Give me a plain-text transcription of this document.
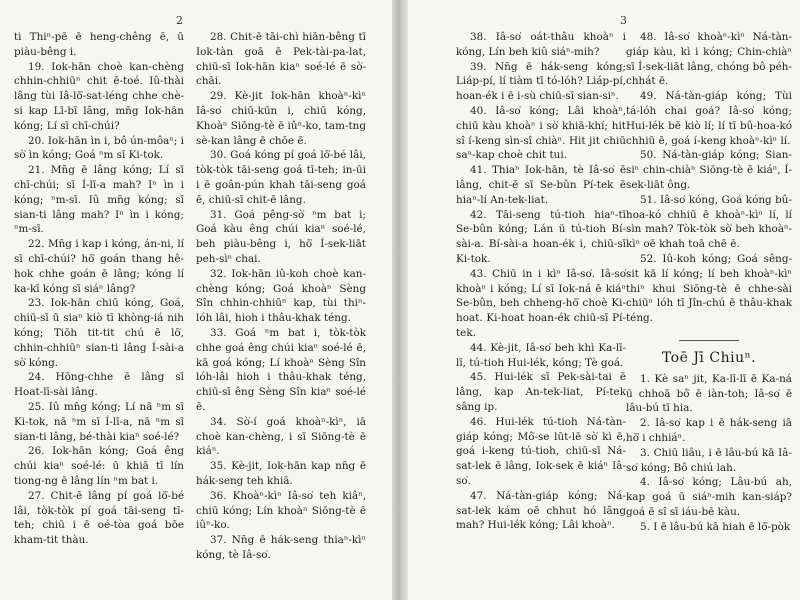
2

ti Thiⁿ-pē ē heng-chêng ē, ū piàu-bêng i.

19. Iok-hān choè kan-chèng chhin-chhiūⁿ chit ē-toé. Iû-thài lâng tùi Iâ-lō͘-sat-léng chhe chè-si kap Lī-bī lâng, mn̄g Iok-hān kóng; Lí sī chī-chúi?

20. Iok-hān ìn i, bô ún-môaⁿ; i sò͘ ìn kóng; Goá ⁿm sī Ki-tok.

21. Mn̄g ē lâng kóng; Lí sī chī-chúi; sī Í-lī-a mah? Iⁿ ìn i kóng; ⁿm-sī. Iû mn̄g kóng; sī sian-ti lâng mah? Iⁿ ìn i kóng; ⁿm-sī.

22. Mn̄g i kap i kóng, án-ni, lí sī chī-chúi? hō͘ goán thang hê-hok chhe goán ē lâng; kóng lí ka-kī kóng sī siáⁿ lâng?

23. Iok-hān chiū kóng, Goá, chiū-sī ū siaⁿ kiò tī khòng-iá nih kóng; Tiōh tit-tit chú ē lō͘, chhin-chhiūⁿ sian-ti lâng Í-sài-a sò͘ kóng.

24. Hōng-chhe ē lâng sī Hoat-lī-sài lâng.

25. Iû mn̄g kóng; Lí nā ⁿm sī Ki-tok, nā ⁿm sī Í-lī-a, nā ⁿm sī sian-ti lâng, bé-thài kiaⁿ soé-lé?

26. Iok-hān kóng; Goá êng chúi kiaⁿ soé-lé: ū khiā tī lín tiong-ng ē lâng lín ⁿm bat i.

27. Chit-ē lâng pí goá lō͘-bé lâi, tòk-tòk pí goá tāi-seng tī-teh; chiū i ē oé-tòa goá bōe kham-tit thàu.

28. Chit-ē tāi-chì hiān-bêng tī Iok-tàn goā ē Pek-tài-pa-lat, chiū-sī Iok-hān kiaⁿ soé-lé ē sò͘-chāi.

29. Kè-jit Iok-hān khoàⁿ-kìⁿ Iâ-so͘ chiū-kūn i, chiū kóng, Khoàⁿ Siōng-tè ē iûⁿ-ko, tam-tng sè-kan lâng ē chōe ē.

30. Goá kóng pí goá lō͘-bé lâi, tòk-tòk tāi-seng goá tī-teh; in-ūi i ē goân-pún khah tāi-seng goá ē, chiū-sī chit-ē lâng.

31. Goá pêng-sò͘ ⁿm bat i; Goá kàu êng chúi kiaⁿ soé-lé, beh piàu-bêng i, hō͘ Í-sek-liāt peh-sìⁿ chai.

32. Iok-hān iû-koh choè kan-chèng kóng; Goá khoàⁿ Sèng Sîn chhin-chhiūⁿ kap, tùi thiⁿ-lóh lâi, hioh i thâu-khak téng.

33. Goá ⁿm bat i, tòk-tòk chhe goá êng chúi kiaⁿ soé-lé ē, kā goá kóng; Lí khoàⁿ Sèng Sîn lóh-lâi hioh i thâu-khak téng, chiū-sī êng Sèng Sîn kiaⁿ soé-lé ē.

34. Sò͘-í goá khoàⁿ-kìⁿ, iā choè kan-chèng, i sī Siōng-tè ē kiáⁿ.

35. Kè-jit, Iok-hān kap nn̄g ē hák-seng teh khiā.

36. Khoàⁿ-kìⁿ Iâ-so͘ teh kiâⁿ, chiū kóng; Lín khoàⁿ Siōng-tè ē iûⁿ-ko.

37. Nn̄g ē hák-seng thiaⁿ-kìⁿ kóng, tè Iâ-so͘.

3

38. Iâ-so͘ oát-thâu khoàⁿ i kóng, Lín beh kiû siáⁿ-mih?

39. Nn̄g ē hák-seng kóng; Liáp-pí, lí tiàm tī tó-lóh? Liáp-pí, hoan-ék i ē i-sù chiū-sī sian-siⁿ.

40. Iâ-so͘ kóng; Lâi khoàⁿ, chiū kàu khoàⁿ i sò͘ khiā-khí; hit sî í-keng sìn-sî chiàⁿ. Hit jit chiū saⁿ-kap choè chit tui.

41. Thiaⁿ Iok-hān, tè Iâ-so͘ ē lâng, chit-ē sī Se-bûn Pí-tek ē hiaⁿ-lí An-tek-liat.

42. Tāi-seng tú-tioh hiaⁿ-tī Se-bûn kóng; Lán ū tú-tioh Bí-sài-a. Bí-sài-a hoan-ék i, chiū-sī Ki-tok.

43. Chiū in i kìⁿ Iâ-so͘. Iâ-so͘ khoàⁿ i kóng; Lí sī Iok-ná ē kiáⁿ Se-bûn, beh chheng-hō͘ choè Ki-hoat. Ki-hoat hoan-ék chiū-sī Pí-tek.

44. Kè-jit, Iâ-so͘ beh khì Ka-lī-lī, tú-tioh Hui-lék, kóng; Tè goá.

45. Hui-lék sī Pek-sài-tai ē lâng, kap An-tek-liat, Pí-tek sâng ip.

46. Hui-lék tú-tioh Ná-tàn-giáp kóng; Mô͘-se lūt-lē sò͘ kì ē, goá i-keng tú-tioh, chiū-sī Ná-sat-lek ē lâng, Iok-sek ē kiáⁿ Iâ-so͘.

47. Ná-tàn-giáp kóng; Ná-sat-lek kám oē chhut hó lâng mah? Hui-lék kóng; Lâi khoàⁿ.

48. Iâ-so͘ khoàⁿ-kìⁿ Ná-tàn-giáp kàu, kì i kóng; Chin-chiàⁿ sī Í-sek-liāt lâng, chóng bô péh-chhát ē.

49. Ná-tàn-giáp kóng; Tùi tá-lóh chai goá? Iâ-so͘ kóng; Hui-lék bē kiò lí; lí tī bû-hoa-kó chhiū ē, goá í-keng khoàⁿ-kìⁿ lí.

50. Ná-tàn-giáp kóng; Sian-siⁿ chin-chiàⁿ Siōng-tè ē kiáⁿ, Í-sek-liāt ông.

51. Iâ-so͘ kóng, Goá kóng bû-hoa-kó chhiū ē khoàⁿ-kìⁿ lí, lí sìn mah? Tòk-tòk sò͘ beh khoàⁿ-kìⁿ oē khah toā chē ē.

52. Iû-koh kóng; Goá sêng-sit kā lí kóng; lí beh khoàⁿ-kìⁿ thiⁿ khui Siōng-tè ē chhe-sài chiūⁿ lóh tī Jîn-chú ē thâu-khak téng.

Toē Jī Chiuⁿ.

1. Kè saⁿ jit, Ka-lī-lī ē Ka-ná ū chhoā bô͘ ē iàn-toh; Iâ-so͘ ē lâu-bú tī hia.

2. Iâ-so͘ kap i ē hák-seng iā hō͘ i chhiáⁿ.

3. Chiū liâu, i ē lâu-bú kā Iâ-so͘ kóng; Bô chiú lah.

4. Iâ-so͘ kóng; Lâu-bú ah, kap goá ū siáⁿ-mih kan-siáp? goá ē sî sī iáu-bē kàu.

5. I ē lâu-bú kā hiah ē lō͘-pòk
